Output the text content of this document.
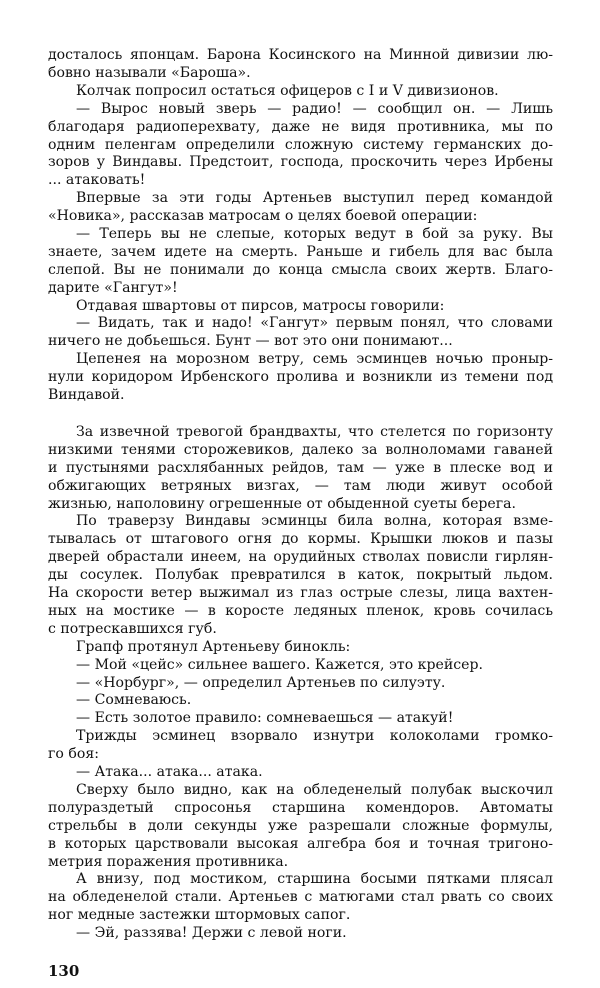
досталось японцам. Барона Косинского на Минной дивизии лю-
бовно называли «Бароша».
Колчак попросил остаться офицеров с I и V дивизионов.
— Вырос новый зверь — радио! — сообщил он. — Лишь
благодаря радиоперехвату, даже не видя противника, мы по
одним пеленгам определили сложную систему германских до-
зоров у Виндавы. Предстоит, господа, проскочить через Ирбены
... атаковать!
Впервые за эти годы Артеньев выступил перед командой
«Новика», рассказав матросам о целях боевой операции:
— Теперь вы не слепые, которых ведут в бой за руку. Вы
знаете, зачем идете на смерть. Раньше и гибель для вас была
слепой. Вы не понимали до конца смысла своих жертв. Благо-
дарите «Гангут»!
Отдавая швартовы от пирсов, матросы говорили:
— Видать, так и надо! «Гангут» первым понял, что словами
ничего не добьешься. Бунт — вот это они понимают...
Цепенея на морозном ветру, семь эсминцев ночью проныр-
нули коридором Ирбенского пролива и возникли из темени под
Виндавой.
За извечной тревогой брандвахты, что стелется по горизонту
низкими тенями сторожевиков, далеко за волноломами гаваней
и пустынями расхлябанных рейдов, там — уже в плеске вод и
обжигающих ветряных визгах, — там люди живут особой
жизнью, наполовину огрешенные от обыденной суеты берега.
По траверзу Виндавы эсминцы била волна, которая взме-
тывалась от штагового огня до кормы. Крышки люков и пазы
дверей обрастали инеем, на орудийных стволах повисли гирлян-
ды сосулек. Полубак превратился в каток, покрытый льдом.
На скорости ветер выжимал из глаз острые слезы, лица вахтен-
ных на мостике — в коросте ледяных пленок, кровь сочилась
с потрескавшихся губ.
Грапф протянул Артеньеву бинокль:
— Мой «цейс» сильнее вашего. Кажется, это крейсер.
— «Норбург», — определил Артеньев по силуэту.
— Сомневаюсь.
— Есть золотое правило: сомневаешься — атакуй!
Трижды эсминец взорвало изнутри колоколами громко-
го боя:
— Атака... атака... атака.
Сверху было видно, как на обледенелый полубак выскочил
полураздетый спросонья старшина комендоров. Автоматы
стрельбы в доли секунды уже разрешали сложные формулы,
в которых царствовали высокая алгебра боя и точная тригоно-
метрия поражения противника.
А внизу, под мостиком, старшина босыми пятками плясал
на обледенелой стали. Артеньев с матюгами стал рвать со своих
ног медные застежки штормовых сапог.
— Эй, раззява! Держи с левой ноги.
130
